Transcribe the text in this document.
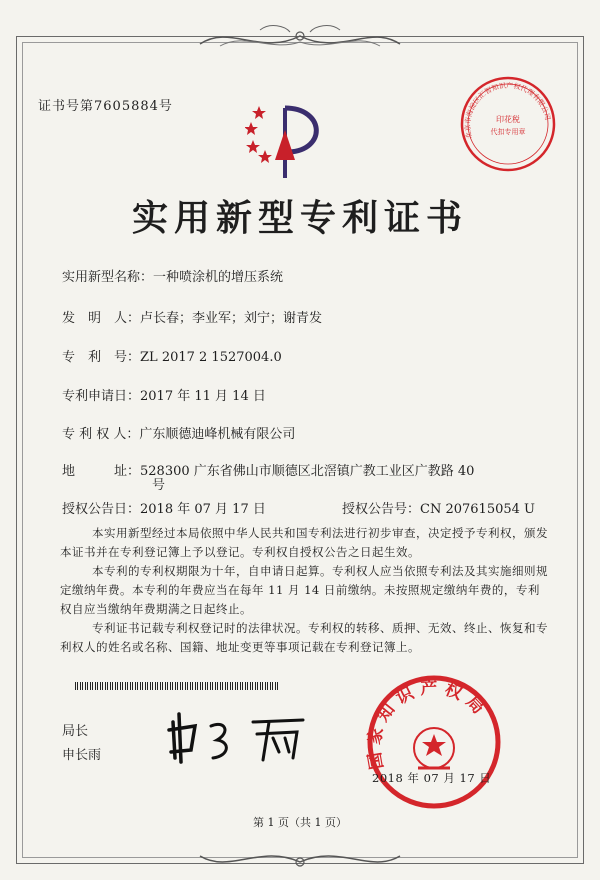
证书号第7605884号
印花税
代扣专用章
北京市海淀区汇智知识产权代理有限公司
实用新型专利证书
实用新型名称：一种喷涂机的增压系统
发　明　人：卢长春；李业军；刘宁；谢青发
专　利　号：ZL 2017 2 1527004.0
专利申请日：2017 年 11 月 14 日
专 利 权 人：广东顺德迪峰机械有限公司
地　　　址：528300 广东省佛山市顺德区北滘镇广教工业区广教路 40
号
授权公告日：2018 年 07 月 17 日	授权公告号：CN 207615054 U
本实用新型经过本局依照中华人民共和国专利法进行初步审查，决定授予专利权，颁发本证书并在专利登记簿上予以登记。专利权自授权公告之日起生效。
本专利的专利权期限为十年，自申请日起算。专利权人应当依照专利法及其实施细则规定缴纳年费。本专利的年费应当在每年 11 月 14 日前缴纳。未按照规定缴纳年费的，专利权自应当缴纳年费期满之日起终止。
专利证书记载专利权登记时的法律状况。专利权的转移、质押、无效、终止、恢复和专利权人的姓名或名称、国籍、地址变更等事项记载在专利登记簿上。
局长
申长雨	国家知识产权局
2018 年 07 月 17 日
第 1 页（共 1 页）
